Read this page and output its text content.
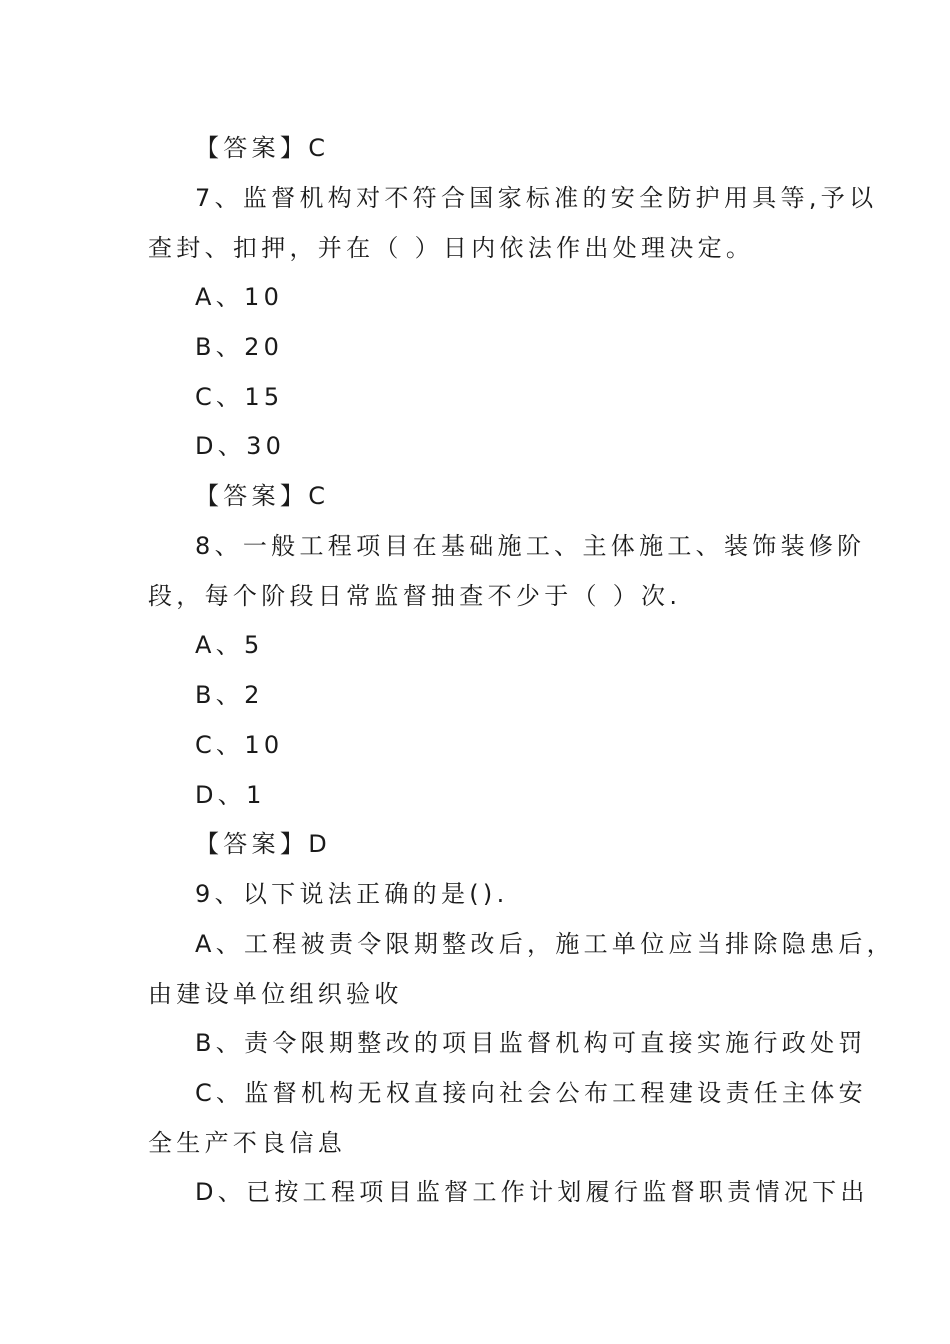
【答案】C
7、监督机构对不符合国家标准的安全防护用具等,予以
查封、扣押，并在（ ）日内依法作出处理决定。
A、10
B、20
C、15
D、30
【答案】C
8、一般工程项目在基础施工、主体施工、装饰装修阶
段，每个阶段日常监督抽查不少于（ ）次.
A、5
B、2
C、10
D、1
【答案】D
9、以下说法正确的是().
A、工程被责令限期整改后，施工单位应当排除隐患后，
由建设单位组织验收
B、责令限期整改的项目监督机构可直接实施行政处罚
C、监督机构无权直接向社会公布工程建设责任主体安
全生产不良信息
D、已按工程项目监督工作计划履行监督职责情况下出
